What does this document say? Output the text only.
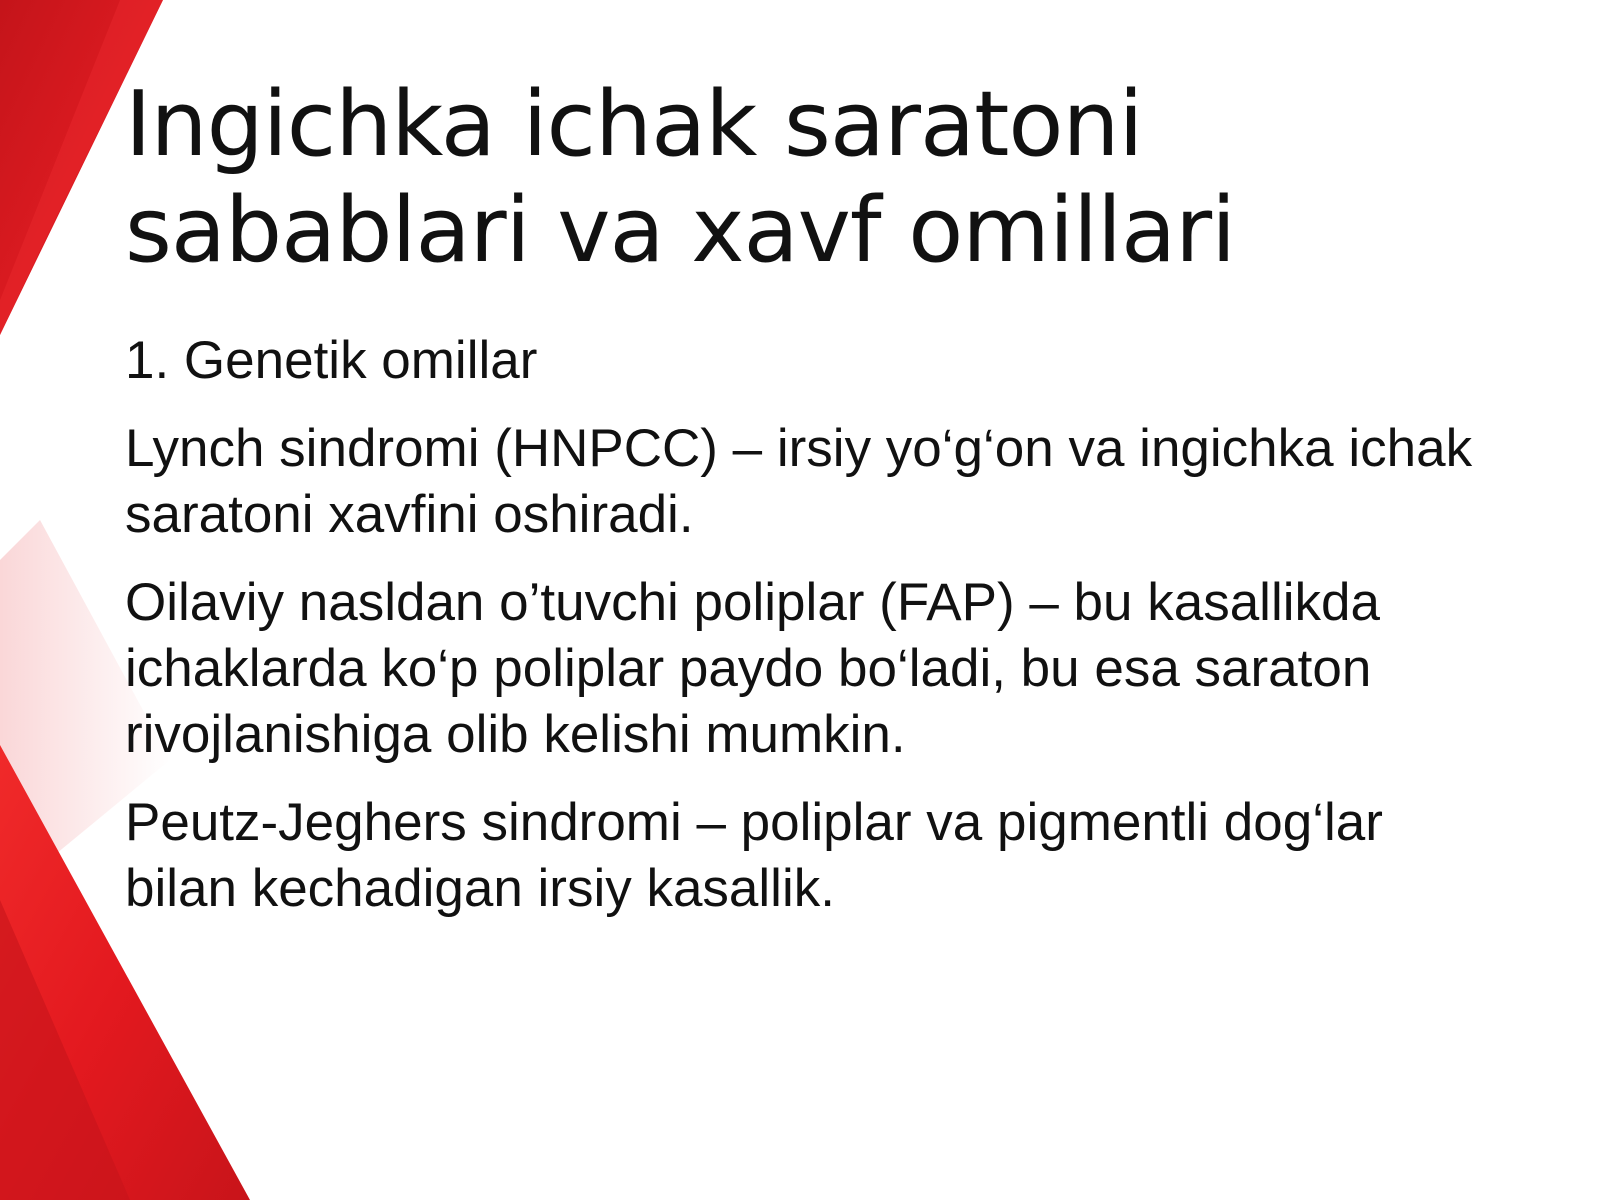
Ingichka ichak saratoni sabablari va xavf omillari

1. Genetik omillar

Lynch sindromi (HNPCC) – irsiy yo‘g‘on va ingichka ichak saratoni xavfini oshiradi.

Oilaviy nasldan o’tuvchi poliplar (FAP) – bu kasallikda ichaklarda ko‘p poliplar paydo bo‘ladi, bu esa saraton rivojlanishiga olib kelishi mumkin.

Peutz-Jeghers sindromi – poliplar va pigmentli dog‘lar bilan kechadigan irsiy kasallik.
